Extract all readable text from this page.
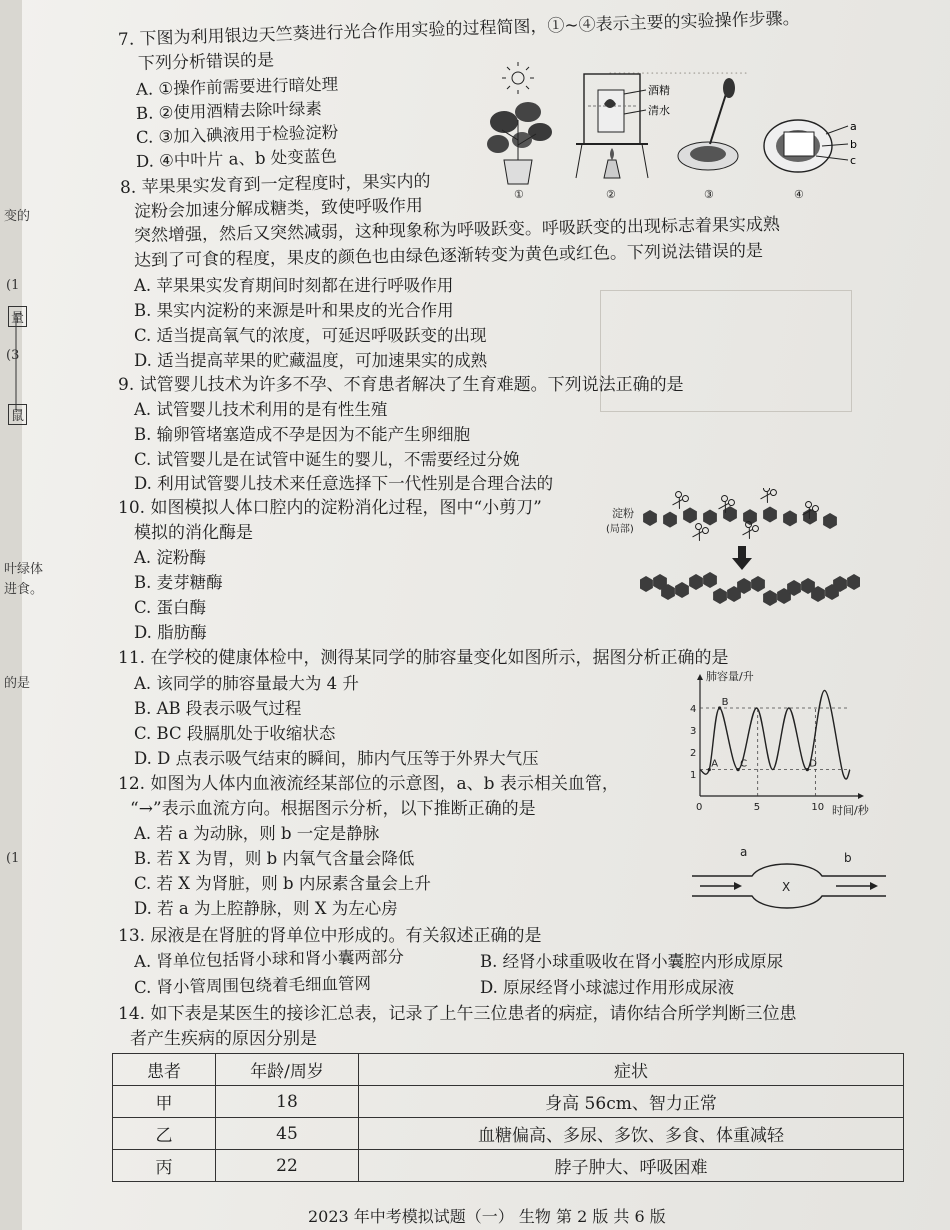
变的
(1
量
(3
鼠
叶绿体
进食。
的是
(1
…………………………
7. 下图为利用银边天竺葵进行光合作用实验的过程简图，①~④表示主要的实验操作步骤。
下列分析错误的是
A. ①操作前需要进行暗处理
B. ②使用酒精去除叶绿素
C. ③加入碘液用于检验淀粉
D. ④中叶片 a、b 处变蓝色
①
酒精
清水
②	③
a
b
c
④
8. 苹果果实发育到一定程度时，果实内的
淀粉会加速分解成糖类，致使呼吸作用
突然增强，然后又突然减弱，这种现象称为呼吸跃变。呼吸跃变的出现标志着果实成熟
达到了可食的程度，果皮的颜色也由绿色逐渐转变为黄色或红色。下列说法错误的是
A. 苹果果实发育期间时刻都在进行呼吸作用
B. 果实内淀粉的来源是叶和果皮的光合作用
C. 适当提高氧气的浓度，可延迟呼吸跃变的出现
D. 适当提高苹果的贮藏温度，可加速果实的成熟
9. 试管婴儿技术为许多不孕、不育患者解决了生育难题。下列说法正确的是
A. 试管婴儿技术利用的是有性生殖
B. 输卵管堵塞造成不孕是因为不能产生卵细胞
C. 试管婴儿是在试管中诞生的婴儿，不需要经过分娩
D. 利用试管婴儿技术来任意选择下一代性别是合理合法的
10. 如图模拟人体口腔内的淀粉消化过程，图中“小剪刀”
模拟的消化酶是
A. 淀粉酶
B. 麦芽糖酶
C. 蛋白酶
D. 脂肪酶
淀粉
(局部)
11. 在学校的健康体检中，测得某同学的肺容量变化如图所示，据图分析正确的是
A. 该同学的肺容量最大为 4 升
B. AB 段表示吸气过程
C. BC 段膈肌处于收缩状态
D. D 点表示吸气结束的瞬间，肺内气压等于外界大气压
肺容量/升
时间/秒
1
2
3
4
0	5	10
A
B
C	D
12. 如图为人体内血液流经某部位的示意图，a、b 表示相关血管，
“→”表示血流方向。根据图示分析，以下推断正确的是
A. 若 a 为动脉，则 b 一定是静脉
B. 若 X 为胃，则 b 内氧气含量会降低
C. 若 X 为肾脏，则 b 内尿素含量会上升
D. 若 a 为上腔静脉，则 X 为左心房
a	b
X
13. 尿液是在肾脏的肾单位中形成的。有关叙述正确的是
A. 肾单位包括肾小球和肾小囊两部分	B. 经肾小球重吸收在肾小囊腔内形成原尿
C. 肾小管周围包绕着毛细血管网	D. 原尿经肾小球滤过作用形成尿液
14. 如下表是某医生的接诊汇总表，记录了上午三位患者的病症，请你结合所学判断三位患
者产生疾病的原因分别是
患者	年龄/周岁	症状
甲	18	身高 56cm、智力正常
乙	45	血糖偏高、多尿、多饮、多食、体重减轻
丙	22	脖子肿大、呼吸困难
2023 年中考模拟试题（一） 生物 第 2 版 共 6 版
